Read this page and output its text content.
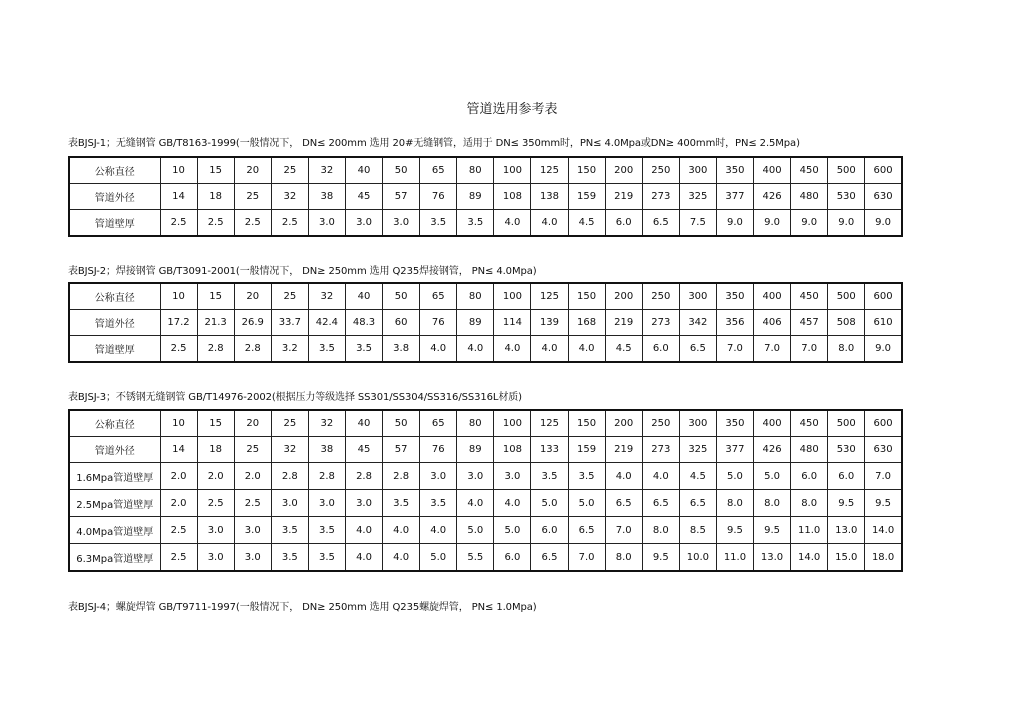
管道选用参考表
表BJSJ-1；无缝钢管 GB/T8163-1999(一般情况下， DN≤ 200mm 选用 20#无缝钢管，适用于 DN≤ 350mm时，PN≤ 4.0Mpa或DN≥ 400mm时，PN≤ 2.5Mpa)
公称直径	10	15	20	25	32	40	50	65	80	100	125	150	200	250	300	350	400	450	500	600
管道外径	14	18	25	32	38	45	57	76	89	108	138	159	219	273	325	377	426	480	530	630
管道壁厚	2.5	2.5	2.5	2.5	3.0	3.0	3.0	3.5	3.5	4.0	4.0	4.5	6.0	6.5	7.5	9.0	9.0	9.0	9.0	9.0
表BJSJ-2；焊接钢管 GB/T3091-2001(一般情况下， DN≥ 250mm 选用 Q235焊接钢管， PN≤ 4.0Mpa)
公称直径	10	15	20	25	32	40	50	65	80	100	125	150	200	250	300	350	400	450	500	600
管道外径	17.2	21.3	26.9	33.7	42.4	48.3	60	76	89	114	139	168	219	273	342	356	406	457	508	610
管道壁厚	2.5	2.8	2.8	3.2	3.5	3.5	3.8	4.0	4.0	4.0	4.0	4.0	4.5	6.0	6.5	7.0	7.0	7.0	8.0	9.0
表BJSJ-3；不锈钢无缝钢管 GB/T14976-2002(根据压力等级选择 SS301/SS304/SS316/SS316L材质)
公称直径	10	15	20	25	32	40	50	65	80	100	125	150	200	250	300	350	400	450	500	600
管道外径	14	18	25	32	38	45	57	76	89	108	133	159	219	273	325	377	426	480	530	630
1.6Mpa管道壁厚	2.0	2.0	2.0	2.8	2.8	2.8	2.8	3.0	3.0	3.0	3.5	3.5	4.0	4.0	4.5	5.0	5.0	6.0	6.0	7.0
2.5Mpa管道壁厚	2.0	2.5	2.5	3.0	3.0	3.0	3.5	3.5	4.0	4.0	5.0	5.0	6.5	6.5	6.5	8.0	8.0	8.0	9.5	9.5
4.0Mpa管道壁厚	2.5	3.0	3.0	3.5	3.5	4.0	4.0	4.0	5.0	5.0	6.0	6.5	7.0	8.0	8.5	9.5	9.5	11.0	13.0	14.0
6.3Mpa管道壁厚	2.5	3.0	3.0	3.5	3.5	4.0	4.0	5.0	5.5	6.0	6.5	7.0	8.0	9.5	10.0	11.0	13.0	14.0	15.0	18.0
表BJSJ-4；螺旋焊管 GB/T9711-1997(一般情况下， DN≥ 250mm 选用 Q235螺旋焊管， PN≤ 1.0Mpa)
